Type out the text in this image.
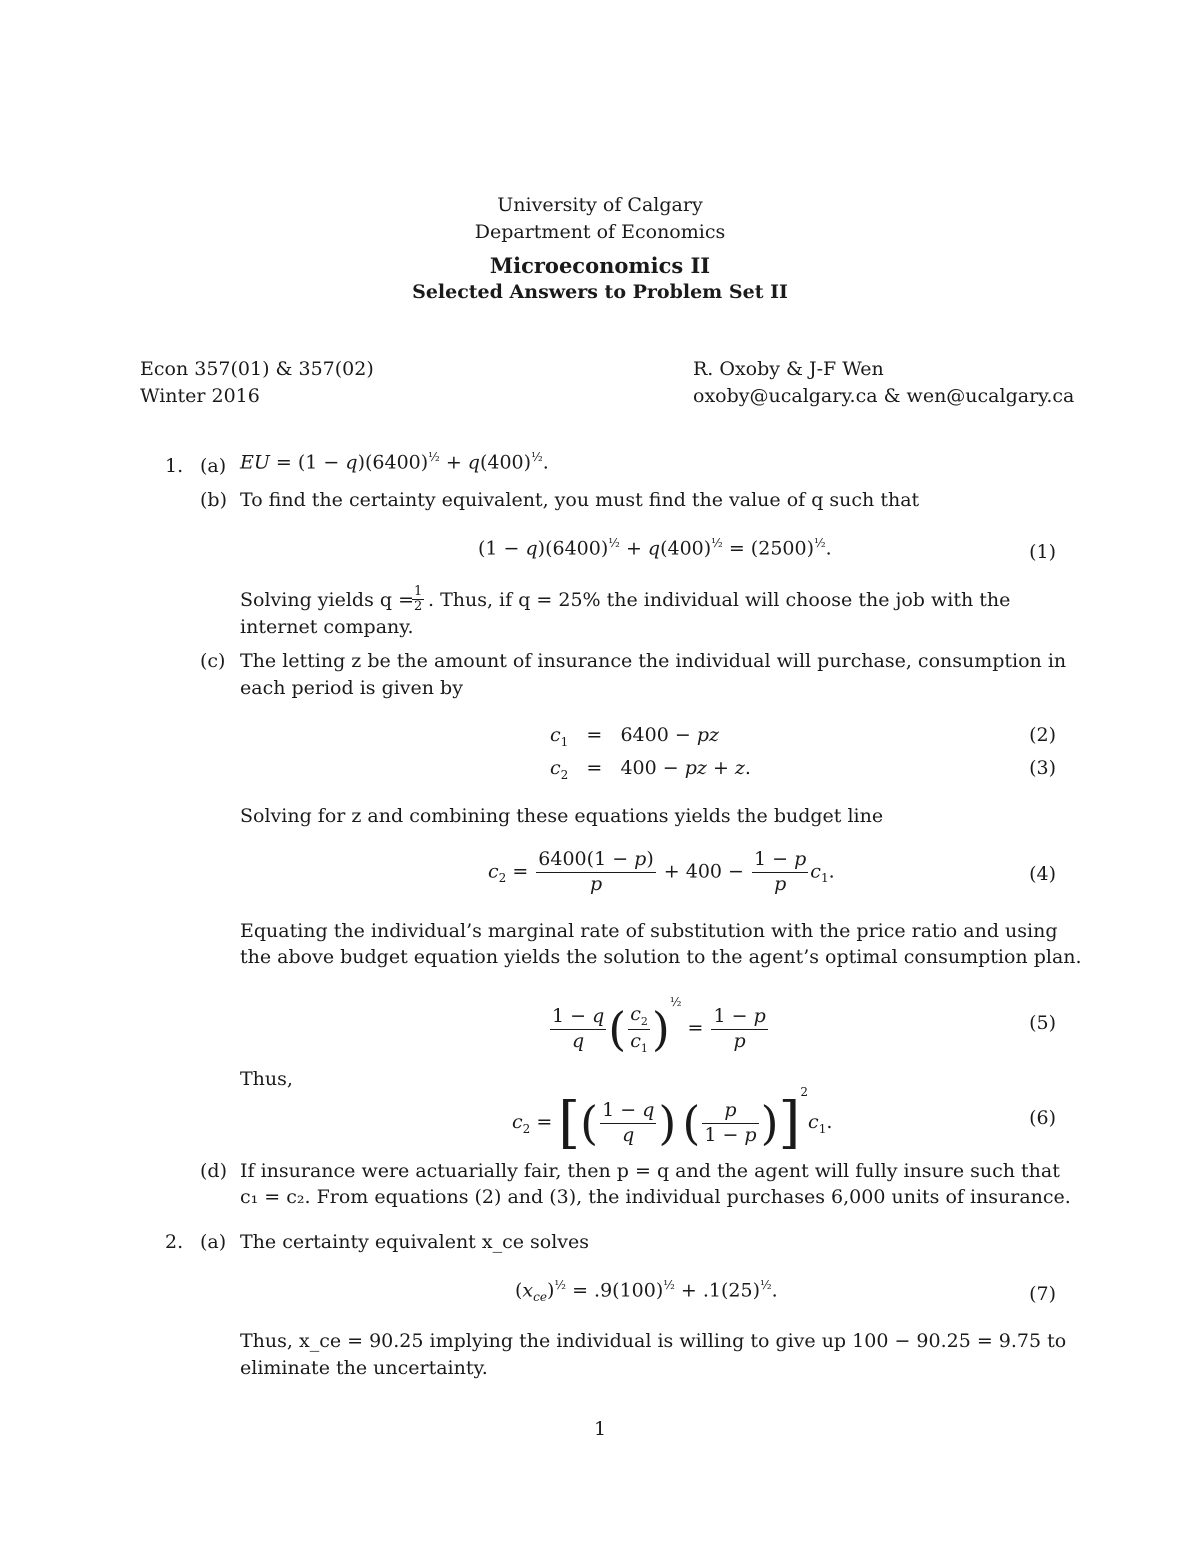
University of Calgary
Department of Economics
Microeconomics II
Selected Answers to Problem Set II
Econ 357(01) & 357(02)
Winter 2016
R. Oxoby & J-F Wen
oxoby@ucalgary.ca & wen@ucalgary.ca
1. (a) EU = $(1 - q)(6400)^{\frac{1}{2}} + q(400)^{\frac{1}{2}}$.
(b) To find the certainty equivalent, you must find the value of q such that
$(1 - q)(6400)^{\frac{1}{2}} + q(400)^{\frac{1}{2}} = (2500)^{\frac{1}{2}}$.	(1)
Solving yields q =
$\frac{1}{2}$ . Thus, if q = 25% the individual will choose the job with the
internet company.
(c) The letting z be the amount of insurance the individual will purchase, consumption in
each period is given by
$c_1 = 6400$ − pz	(2)
$c_2 = 400$ − pz + z.	(3)
Solving for z and combining these equations yields the budget line
$c_2 = \frac{6400(1 - p)}{p} + 400 - \frac{1 - p}{p} c_1$.	(4)
Equating the individual’s marginal rate of substitution with the price ratio and using
the above budget equation yields the solution to the agent’s optimal consumption plan.
$\frac{1 - q}{q}$ ( $\frac{c_2}{c_1} )^{\frac{1}{2}} = \frac{1 - p}{p}$	(5)
Thus,
$c_2$ = [( $\frac{1 - q}{q}$ ) ( $\frac{p}{1 - p} )]^2c_1$.	(6)
(d) If insurance were actuarially fair, then p = q and the agent will fully insure such that
c₁ = c₂. From equations (2) and (3), the individual purchases 6,000 units of insurance.
2. (a) The certainty equivalent x_ce solves
$(x_{ce})^{\frac{1}{2}} = .9(100)^{\frac{1}{2}} + .1(25)^{\frac{1}{2}}$.	(7)
Thus, x_ce = 90.25 implying the individual is willing to give up 100 − 90.25 = 9.75 to
eliminate the uncertainty.
1
